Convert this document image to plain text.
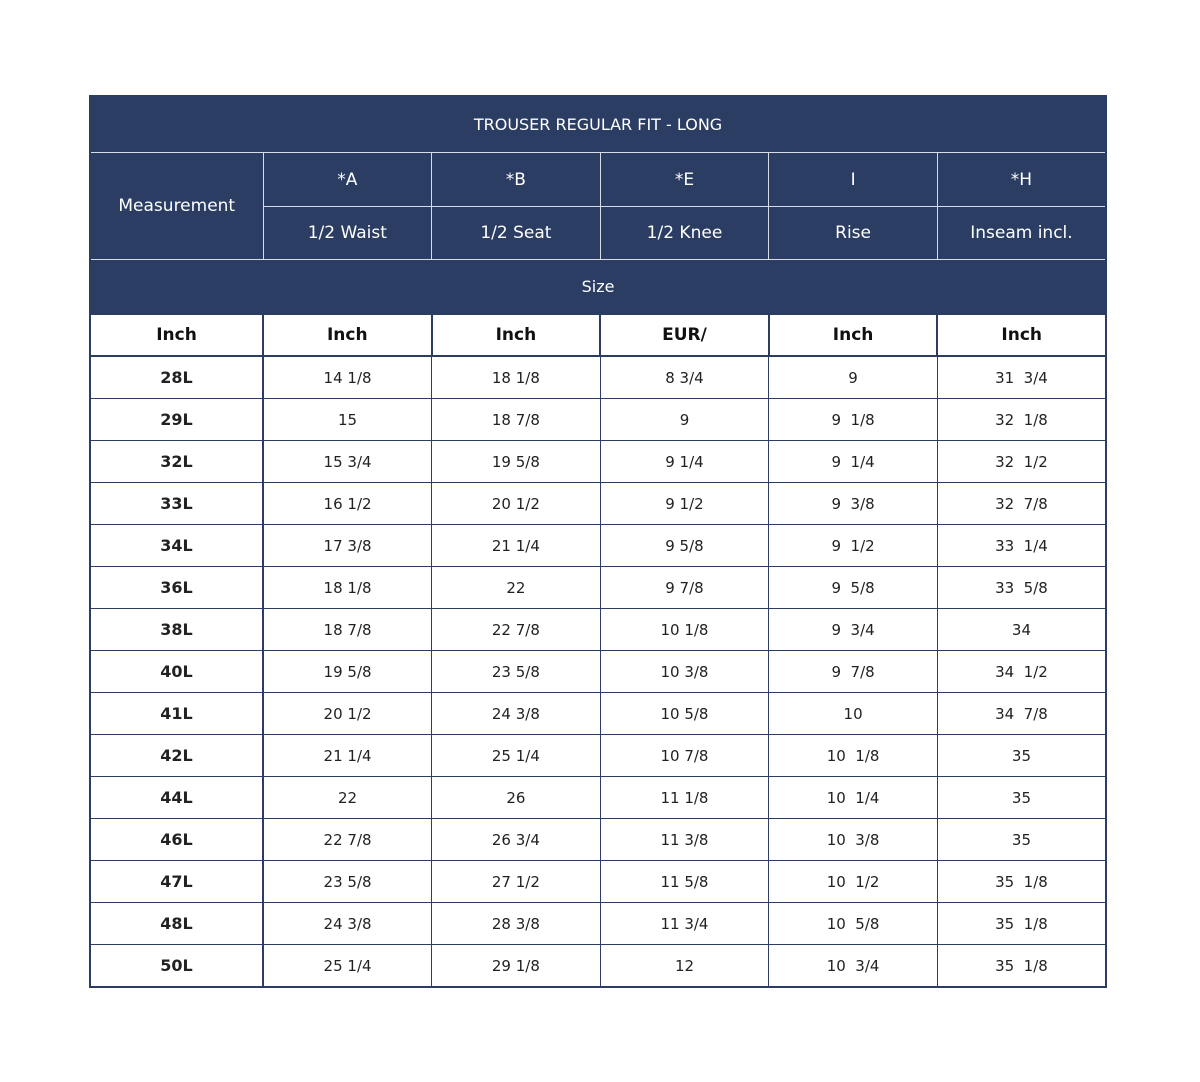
TROUSER REGULAR FIT - LONG					
Measurement	*A	*B	*E	I	*H
	1/2 Waist	1/2 Seat	1/2 Knee	Rise	Inseam incl.
Size					
Inch	Inch	Inch	EUR/	Inch	Inch
28L	14 1/8	18 1/8	8 3/4	9	31  3/4
29L	15	18 7/8	9	9  1/8	32  1/8
32L	15 3/4	19 5/8	9 1/4	9  1/4	32  1/2
33L	16 1/2	20 1/2	9 1/2	9  3/8	32  7/8
34L	17 3/8	21 1/4	9 5/8	9  1/2	33  1/4
36L	18 1/8	22	9 7/8	9  5/8	33  5/8
38L	18 7/8	22 7/8	10 1/8	9  3/4	34
40L	19 5/8	23 5/8	10 3/8	9  7/8	34  1/2
41L	20 1/2	24 3/8	10 5/8	10	34  7/8
42L	21 1/4	25 1/4	10 7/8	10  1/8	35
44L	22	26	11 1/8	10  1/4	35
46L	22 7/8	26 3/4	11 3/8	10  3/8	35
47L	23 5/8	27 1/2	11 5/8	10  1/2	35  1/8
48L	24 3/8	28 3/8	11 3/4	10  5/8	35  1/8
50L	25 1/4	29 1/8	12	10  3/4	35  1/8
